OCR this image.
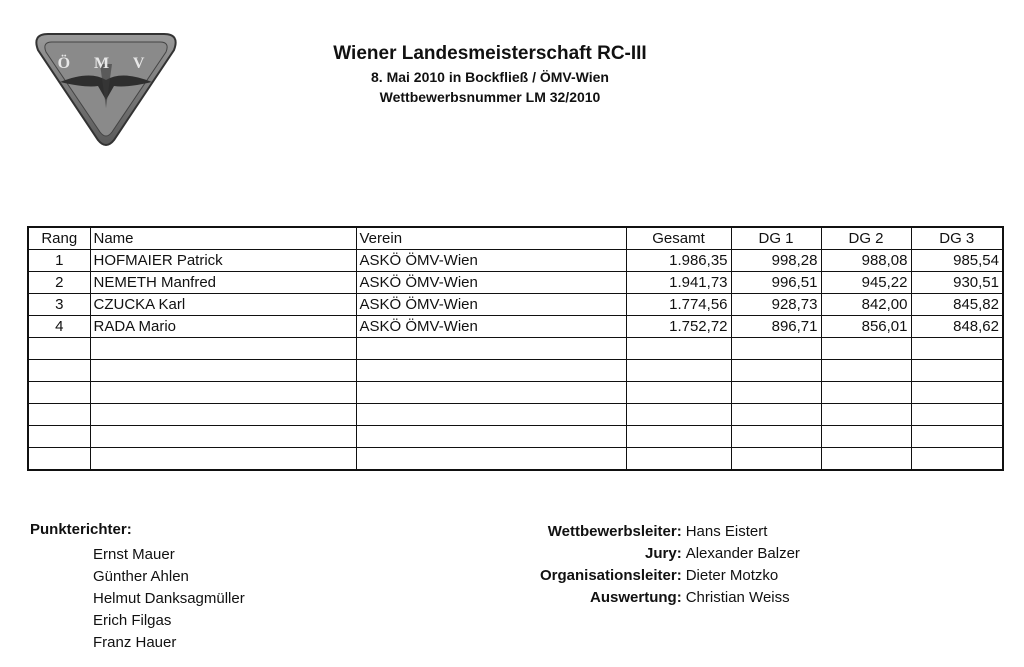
Ö M V	Wiener Landesmeisterschaft RC-III
8. Mai 2010 in Bockfließ / ÖMV-Wien
Wettbewerbsnummer LM 32/2010
Rang	Name	Verein	Gesamt	DG 1	DG 2	DG 3
1	HOFMAIER Patrick	ASKÖ ÖMV-Wien	1.986,35	998,28	988,08	985,54
2	NEMETH Manfred	ASKÖ ÖMV-Wien	1.941,73	996,51	945,22	930,51
3	CZUCKA Karl	ASKÖ ÖMV-Wien	1.774,56	928,73	842,00	845,82
4	RADA Mario	ASKÖ ÖMV-Wien	1.752,72	896,71	856,01	848,62

Punkterichter:
Ernst Mauer
Günther Ahlen
Helmut Danksagmüller
Erich Filgas
Franz Hauer
Wettbewerbsleiter:	Hans Eistert
Jury:	Alexander Balzer
Organisationsleiter:	Dieter Motzko
Auswertung:	Christian Weiss
